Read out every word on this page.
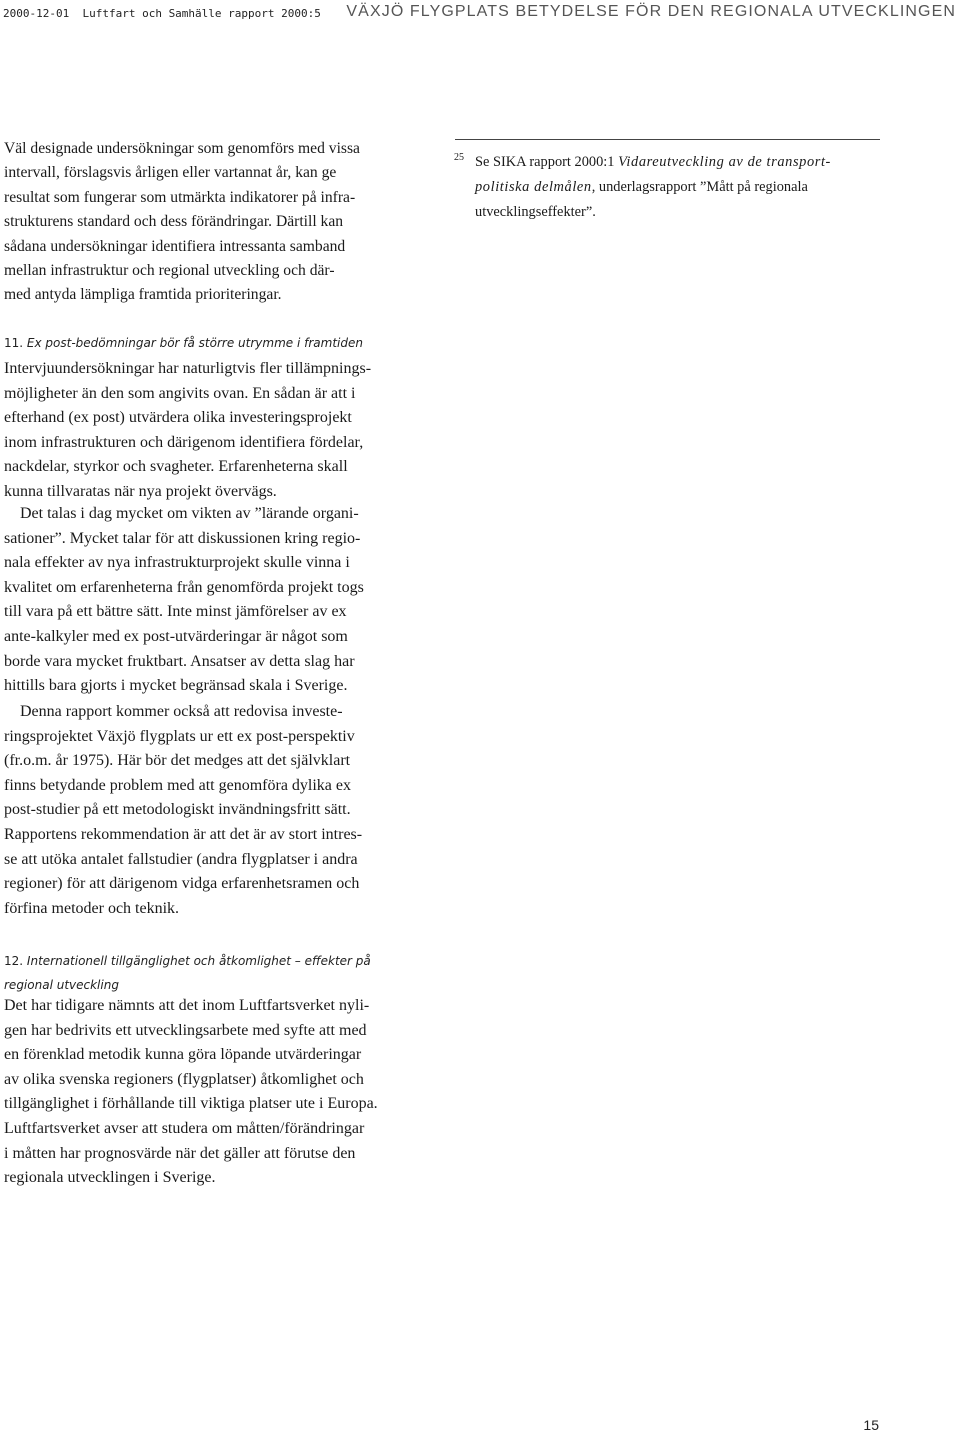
2000-12-01  Luftfart och Samhälle rapport 2000:5 VÄXJÖ FLYGPLATS BETYDELSE FÖR DEN REGIONALA UTVECKLINGEN
Väl designade undersökningar som genomförs med vissa
intervall, förslagsvis årligen eller vartannat år, kan ge
resultat som fungerar som utmärkta indikatorer på infra-
strukturens standard och dess förändringar. Därtill kan
sådana undersökningar identifiera intressanta samband
mellan infrastruktur och regional utveckling och där-
med antyda lämpliga framtida prioriteringar.
11. Ex post-bedömningar bör få större utrymme i framtiden
Intervjuundersökningar har naturligtvis fler tillämpnings-
möjligheter än den som angivits ovan. En sådan är att i
efterhand (ex post) utvärdera olika investeringsprojekt
inom infrastrukturen och därigenom identifiera fördelar,
nackdelar, styrkor och svagheter. Erfarenheterna skall
kunna tillvaratas när nya projekt övervägs.
Det talas i dag mycket om vikten av ”lärande organi-
sationer”. Mycket talar för att diskussionen kring regio-
nala effekter av nya infrastrukturprojekt skulle vinna i
kvalitet om erfarenheterna från genomförda projekt togs
till vara på ett bättre sätt. Inte minst jämförelser av ex
ante-kalkyler med ex post-utvärderingar är något som
borde vara mycket fruktbart. Ansatser av detta slag har
hittills bara gjorts i mycket begränsad skala i Sverige.
Denna rapport kommer också att redovisa investe-
ringsprojektet Växjö flygplats ur ett ex post-perspektiv
(fr.o.m. år 1975). Här bör det medges att det självklart
finns betydande problem med att genomföra dylika ex
post-studier på ett metodologiskt invändningsfritt sätt.
Rapportens rekommendation är att det är av stort intres-
se att utöka antalet fallstudier (andra flygplatser i andra
regioner) för att därigenom vidga erfarenhetsramen och
förfina metoder och teknik.
12. Internationell tillgänglighet och åtkomlighet – effekter på
regional utveckling
Det har tidigare nämnts att det inom Luftfartsverket nyli-
gen har bedrivits ett utvecklingsarbete med syfte att med
en förenklad metodik kunna göra löpande utvärderingar
av olika svenska regioners (flygplatser) åtkomlighet och
tillgänglighet i förhållande till viktiga platser ute i Europa.
Luftfartsverket avser att studera om måtten/förändringar
i måtten har prognosvärde när det gäller att förutse den
regionala utvecklingen i Sverige.
25 Se SIKA rapport 2000:1 Vidareutveckling av de transport-
politiska delmålen, underlagsrapport ”Mått på regionala
utvecklingseffekter”.
15
